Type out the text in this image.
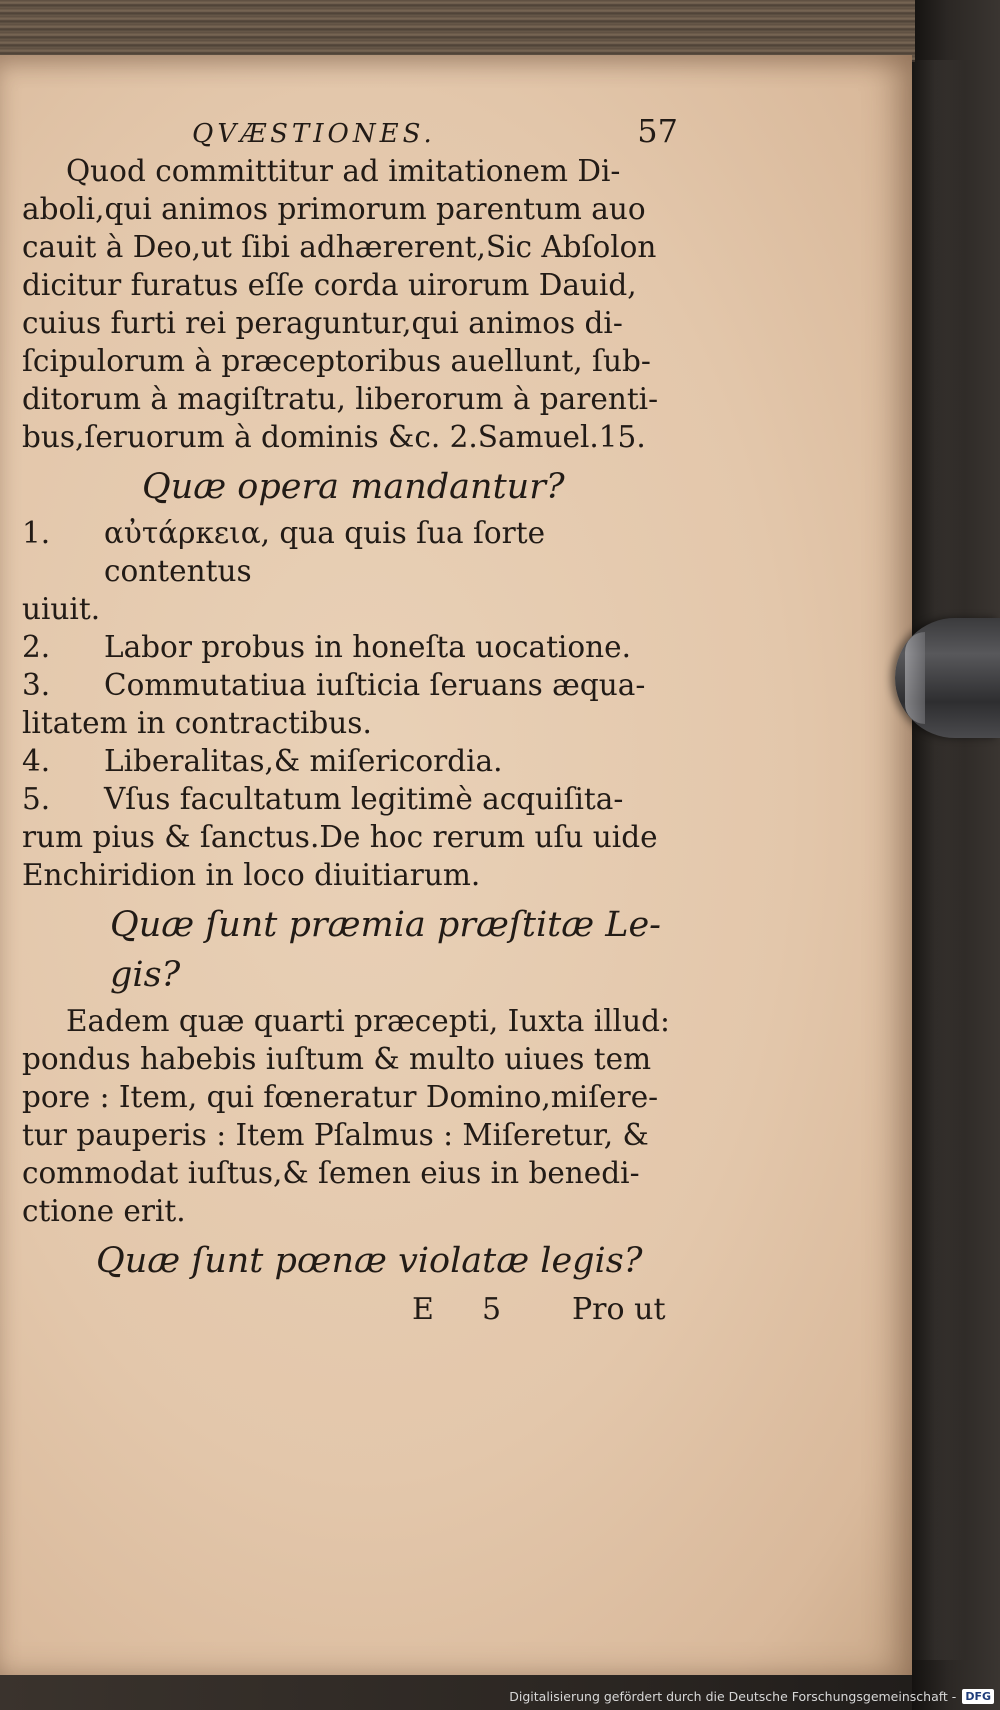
QVÆSTIONES.	57

Quod committitur ad imitationem Di-
aboli,qui animos primorum parentum auo
cauit à Deo,ut ſibi adhærerent,Sic Abſolon
dicitur furatus eſſe corda uirorum Dauid,
cuius furti rei peraguntur,qui animos di-
ſcipulorum à præceptoribus auellunt, ſub-
ditorum à magiſtratu, liberorum à parenti-
bus,ſeruorum à dominis &c. 2.Samuel.15.

Quæ opera mandantur?
1.	αὐτάρκεια, qua quis ſua ſorte contentus
uiuit.
2.	Labor probus in honeſta uocatione.
3.	Commutatiua iuſticia ſeruans æqua-
litatem in contractibus.
4.	Liberalitas,& miſericordia.
5.	Vſus facultatum legitimè acquiſita-
rum pius & ſanctus.De hoc rerum uſu uide
Enchiridion in loco diuitiarum.
Quæ ſunt præmia præſtitæ Le-
gis?

Eadem quæ quarti præcepti, Iuxta illud:
pondus habebis iuſtum & multo uiues tem
pore : Item, qui fœneratur Domino,miſere-
tur pauperis : Item Pſalmus : Miſeretur, &
commodat iuſtus,& ſemen eius in benedi-
ctione erit.

Quæ ſunt pœnæ violatæ legis?
E	5	Pro ut
Digitalisierung gefördert durch die Deutsche Forschungsgemeinschaft - DFG
